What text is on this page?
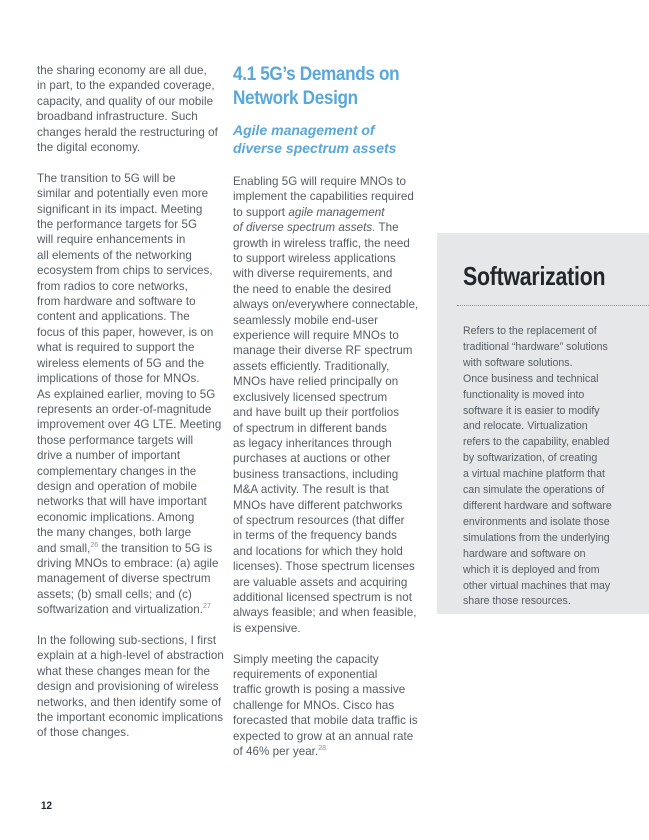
the sharing economy are all due,

in part, to the expanded coverage,

capacity, and quality of our mobile

broadband infrastructure. Such

changes herald the restructuring of

the digital economy.

The transition to 5G will be

similar and potentially even more

significant in its impact. Meeting

the performance targets for 5G

will require enhancements in

all elements of the networking

ecosystem from chips to services,

from radios to core networks,

from hardware and software to

content and applications. The

focus of this paper, however, is on

what is required to support the

wireless elements of 5G and the

implications of those for MNOs.

As explained earlier, moving to 5G

represents an order-of-magnitude

improvement over 4G LTE. Meeting

those performance targets will

drive a number of important

complementary changes in the

design and operation of mobile

networks that will have important

economic implications. Among

the many changes, both large

and small,$^{26}$ the transition to 5G is

driving MNOs to embrace: (a) agile

management of diverse spectrum

assets; (b) small cells; and (c)

softwarization and virtualization.$^{27}$

In the following sub-sections, I first

explain at a high-level of abstraction

what these changes mean for the

design and provisioning of wireless

networks, and then identify some of

the important economic implications

of those changes.

4.1 5G’s Demands on
Network Design
Agile management of
diverse spectrum assets

Enabling 5G will require MNOs to

implement the capabilities required

to support agile management

of diverse spectrum assets. The

growth in wireless traffic, the need

to support wireless applications

with diverse requirements, and

the need to enable the desired

always on/everywhere connectable,

seamlessly mobile end-user

experience will require MNOs to

manage their diverse RF spectrum

assets efficiently. Traditionally,

MNOs have relied principally on

exclusively licensed spectrum

and have built up their portfolios

of spectrum in different bands

as legacy inheritances through

purchases at auctions or other

business transactions, including

M&A activity. The result is that

MNOs have different patchworks

of spectrum resources (that differ

in terms of the frequency bands

and locations for which they hold

licenses). Those spectrum licenses

are valuable assets and acquiring

additional licensed spectrum is not

always feasible; and when feasible,

is expensive.

Simply meeting the capacity

requirements of exponential

traffic growth is posing a massive

challenge for MNOs. Cisco has

forecasted that mobile data traffic is

expected to grow at an annual rate

of 46% per year.$^{28}$

Softwarization

Refers to the replacement of

traditional “hardware” solutions

with software solutions.

Once business and technical

functionality is moved into

software it is easier to modify

and relocate. Virtualization

refers to the capability, enabled

by softwarization, of creating

a virtual machine platform that

can simulate the operations of

different hardware and software

environments and isolate those

simulations from the underlying

hardware and software on

which it is deployed and from

other virtual machines that may

share those resources.

12
